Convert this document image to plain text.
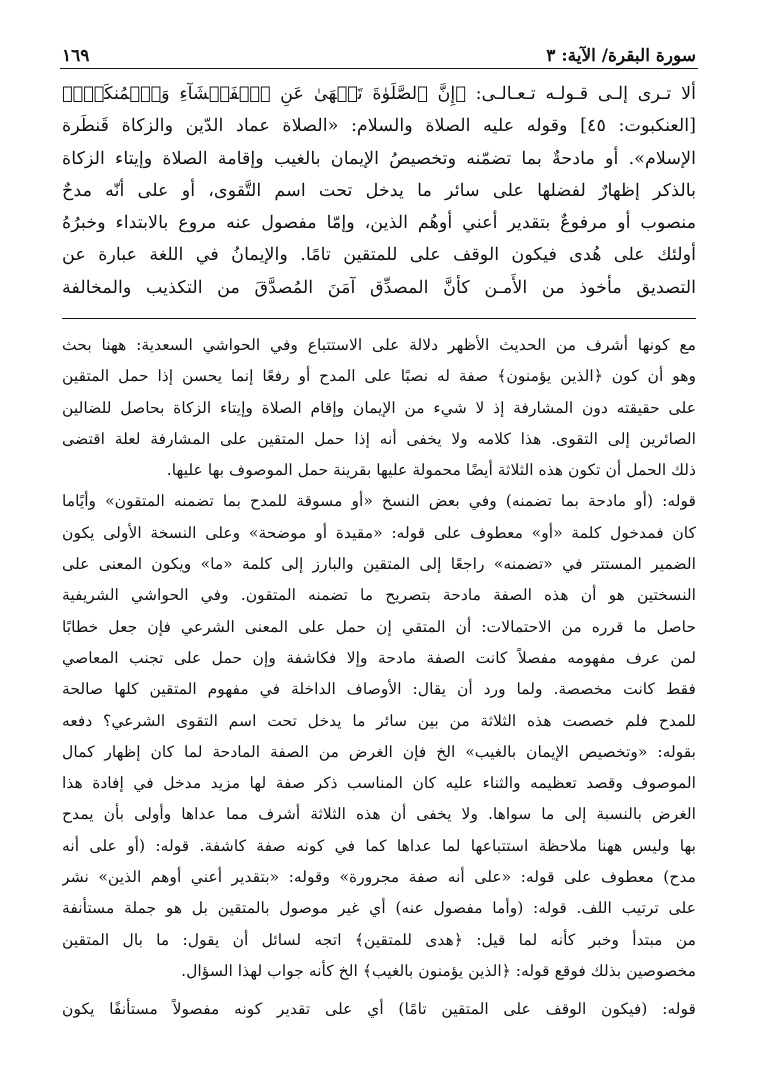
سورة البقرة/ الآية: ٣
١٦٩
ألا تـرى إلـى قـولـه تـعـالـى: ﴿إِنَّ ٱلصَّلَوٰةَ تَنۡهَىٰ عَنِ ٱلۡفَحۡشَآءِ وَٱلۡمُنكَرِۗ﴾
[العنكبوت: ٤٥] وقوله عليه الصلاة والسلام: «الصلاة عماد الدّين والزكاة قَنطَرة
الإسلام». أو مادحةٌ بما تضمّنه وتخصيصُ الإيمان بالغيب وإقامة الصلاة وإيتاء الزكاة
بالذكر إظهارٌ لفضلها على سائر ما يدخل تحت اسم التَّقوى، أو على أنّه مدحٌ
منصوب أو مرفوعٌ بتقدير أعني أوهُم الذين، وإمّا مفصول عنه مروع بالابتداء وخبرُهُ
أولئك على هُدى فيكون الوقف على للمتقين تامًا. والإيمانُ في اللغة عبارة عن
التصديق مأخوذ من الأَمـن كأنَّ المصدِّق آمَنَ المُصدَّقَ من التكذيب والمخالفة
مع كونها أشرف من الحديث الأظهر دلالة على الاستتباع وفي الحواشي السعدية: ههنا بحث
وهو أن كون ﴿الذين يؤمنون﴾ صفة له نصبًا على المدح أو رفعًا إنما يحسن إذا حمل المتقين
على حقيقته دون المشارفة إذ لا شيء من الإيمان وإقام الصلاة وإيتاء الزكاة بحاصل للضالين
الصائرين إلى التقوى. هذا كلامه ولا يخفى أنه إذا حمل المتقين على المشارفة لعلة اقتضى
ذلك الحمل أن تكون هذه الثلاثة أيضًا محمولة عليها بقرينة حمل الموصوف بها عليها.
قوله: (أو مادحة بما تضمنه) وفي بعض النسخ «أو مسوقة للمدح بما تضمنه المتقون» وأيًاما
كان فمدخول كلمة «أو» معطوف على قوله: «مقيدة أو موضحة» وعلى النسخة الأولى يكون
الضمير المستتر في «تضمنه» راجعًا إلى المتقين والبارز إلى كلمة «ما» ويكون المعنى على
النسختين هو أن هذه الصفة مادحة بتصريح ما تضمنه المتقون. وفي الحواشي الشريفية
حاصل ما قرره من الاحتمالات: أن المتقي إن حمل على المعنى الشرعي فإن جعل خطابًا
لمن عرف مفهومه مفصلاً كانت الصفة مادحة وإلا فكاشفة وإن حمل على تجنب المعاصي
فقط كانت مخصصة. ولما ورد أن يقال: الأوصاف الداخلة في مفهوم المتقين كلها صالحة
للمدح فلم خصصت هذه الثلاثة من بين سائر ما يدخل تحت اسم التقوى الشرعي؟ دفعه
بقوله: «وتخصيص الإيمان بالغيب» الخ فإن الغرض من الصفة المادحة لما كان إظهار كمال
الموصوف وقصد تعظيمه والثناء عليه كان المناسب ذكر صفة لها مزيد مدخل في إفادة هذا
الغرض بالنسبة إلى ما سواها. ولا يخفى أن هذه الثلاثة أشرف مما عداها وأولى بأن يمدح
بها وليس ههنا ملاحظة استتباعها لما عداها كما في كونه صفة كاشفة. قوله: (أو على أنه
مدح) معطوف على قوله: «على أنه صفة مجرورة» وقوله: «بتقدير أعني أوهم الذين» نشر
على ترتيب اللف. قوله: (وأما مفصول عنه) أي غير موصول بالمتقين بل هو جملة مستأنفة
من مبتدأ وخبر كأنه لما قيل: ﴿هدى للمتقين﴾ اتجه لسائل أن يقول: ما بال المتقين
مخصوصين بذلك فوقع قوله: ﴿الذين يؤمنون بالغيب﴾ الخ كأنه جواب لهذا السؤال.
قوله: (فيكون الوقف على المتقين تامًا) أي على تقدير كونه مفصولاً مستأنفًا يكون
